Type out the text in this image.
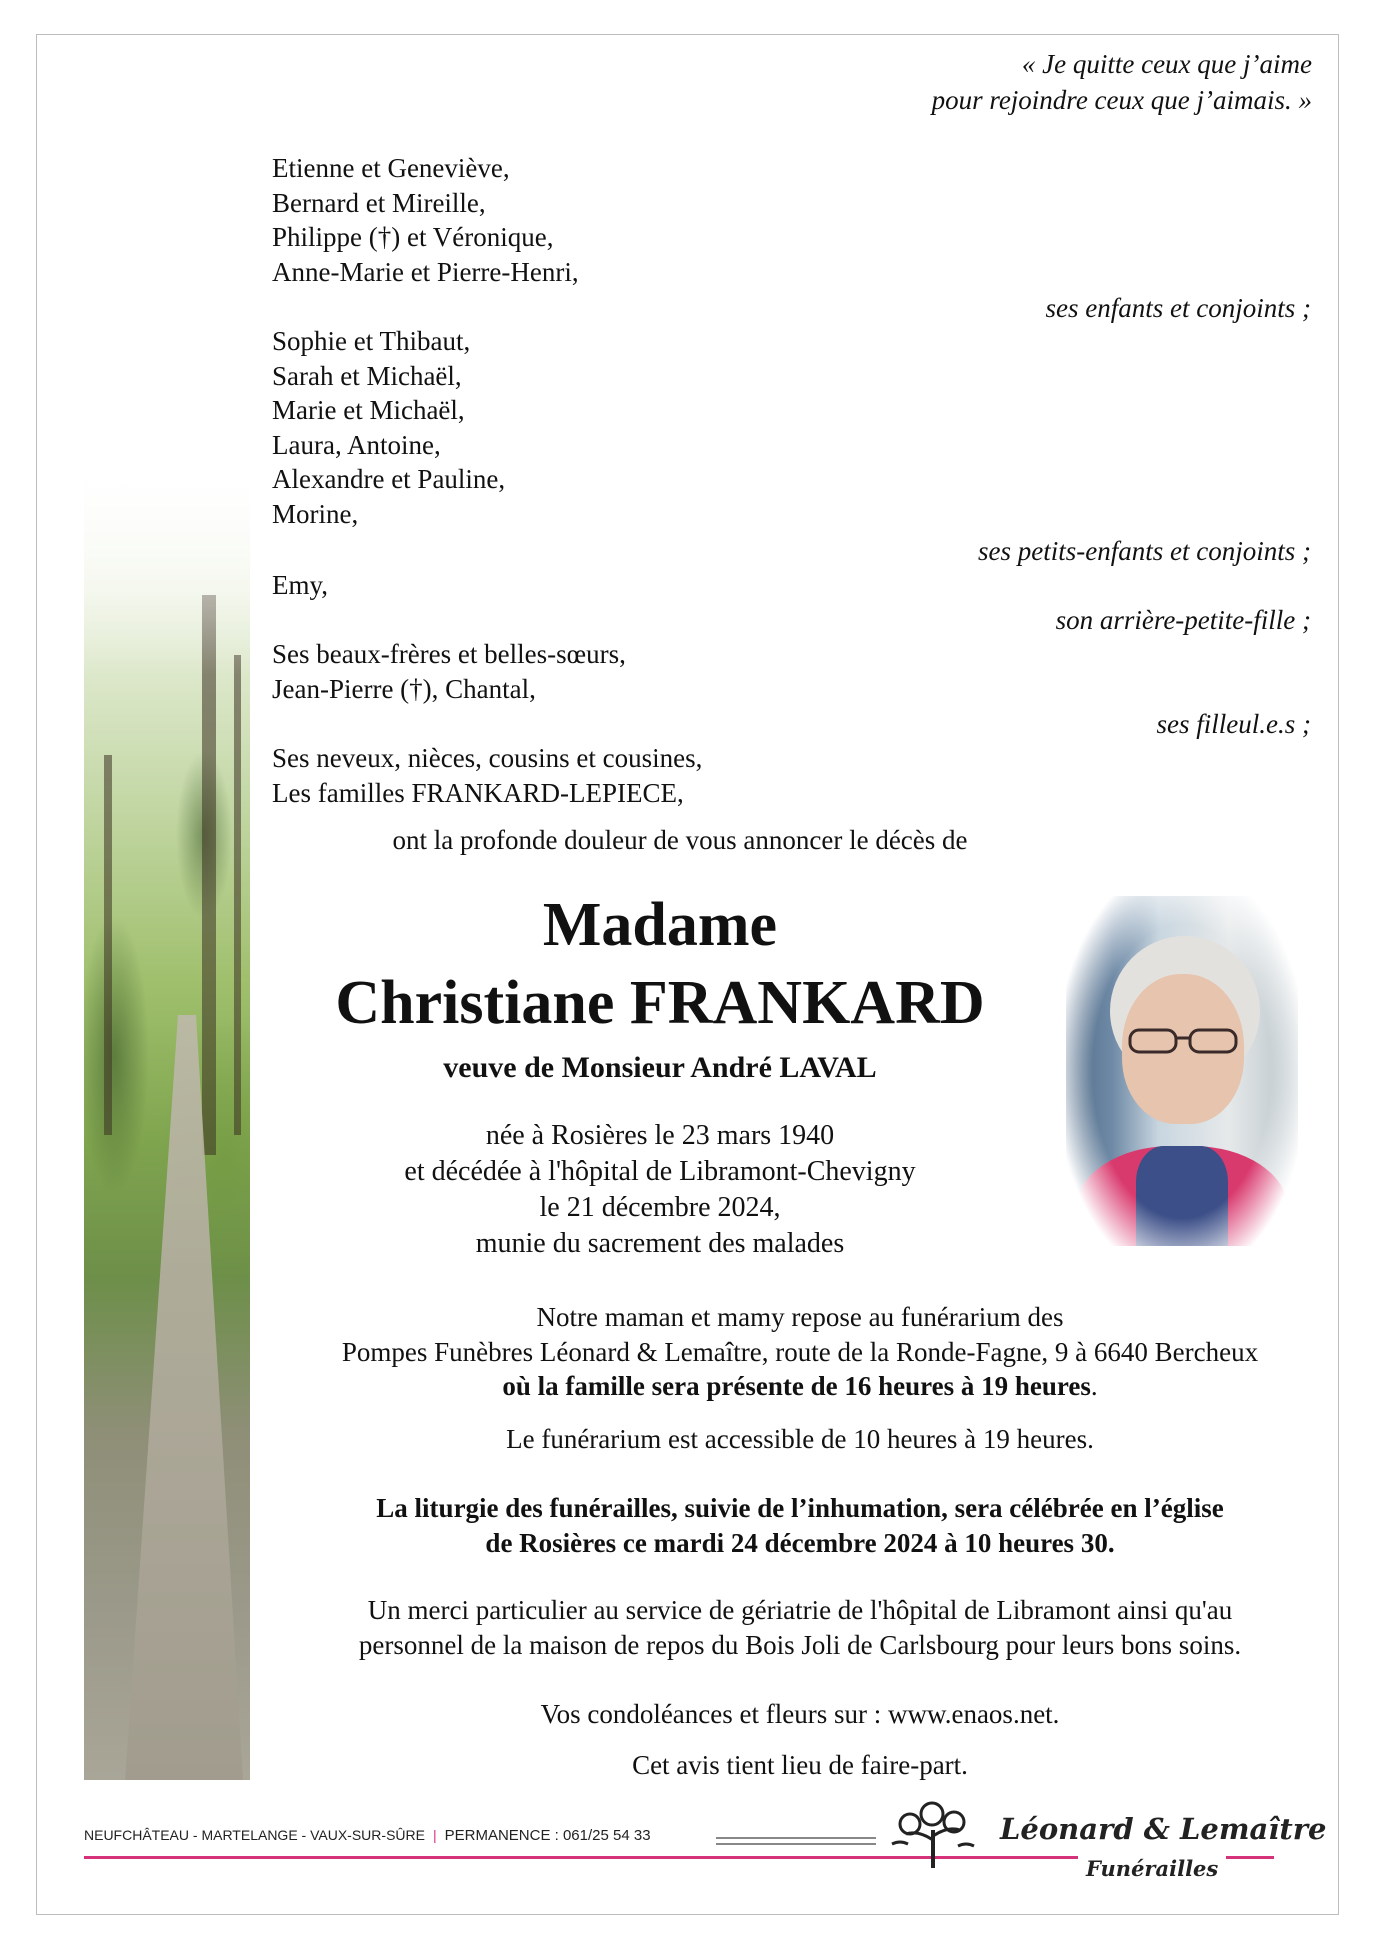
« Je quitte ceux que j’aime
pour rejoindre ceux que j’aimais. »
Etienne et Geneviève,
Bernard et Mireille,
Philippe (†) et Véronique,
Anne-Marie et Pierre-Henri,
ses enfants et conjoints ;
Sophie et Thibaut,
Sarah et Michaël,
Marie et Michaël,
Laura, Antoine,
Alexandre et Pauline,
Morine,
ses petits-enfants et conjoints ;
Emy,
son arrière-petite-fille ;
Ses beaux-frères et belles-sœurs,
Jean-Pierre (†), Chantal,
ses filleul.e.s ;
Ses neveux, nièces, cousins et cousines,
Les familles FRANKARD-LEPIECE,
ont la profonde douleur de vous annoncer le décès de
Madame
Christiane FRANKARD
veuve de Monsieur André LAVAL
née à Rosières le 23 mars 1940
et décédée à l'hôpital de Libramont-Chevigny
le 21 décembre 2024,
munie du sacrement des malades
Notre maman et mamy repose au funérarium des
Pompes Funèbres Léonard & Lemaître, route de la Ronde-Fagne, 9 à 6640 Bercheux
où la famille sera présente de 16 heures à 19 heures.
Le funérarium est accessible de 10 heures à 19 heures.
La liturgie des funérailles, suivie de l’inhumation, sera célébrée en l’église
de Rosières ce mardi 24 décembre 2024 à 10 heures 30.
Un merci particulier au service de gériatrie de l'hôpital de Libramont ainsi qu'au
personnel de la maison de repos du Bois Joli de Carlsbourg pour leurs bons soins.
Vos condoléances et fleurs sur : www.enaos.net.
Cet avis tient lieu de faire-part.
NEUFCHÂTEAU - MARTELANGE - VAUX-SUR-SÛRE | PERMANENCE : 061/25 54 33	Léonard & Lemaître
Funérailles
